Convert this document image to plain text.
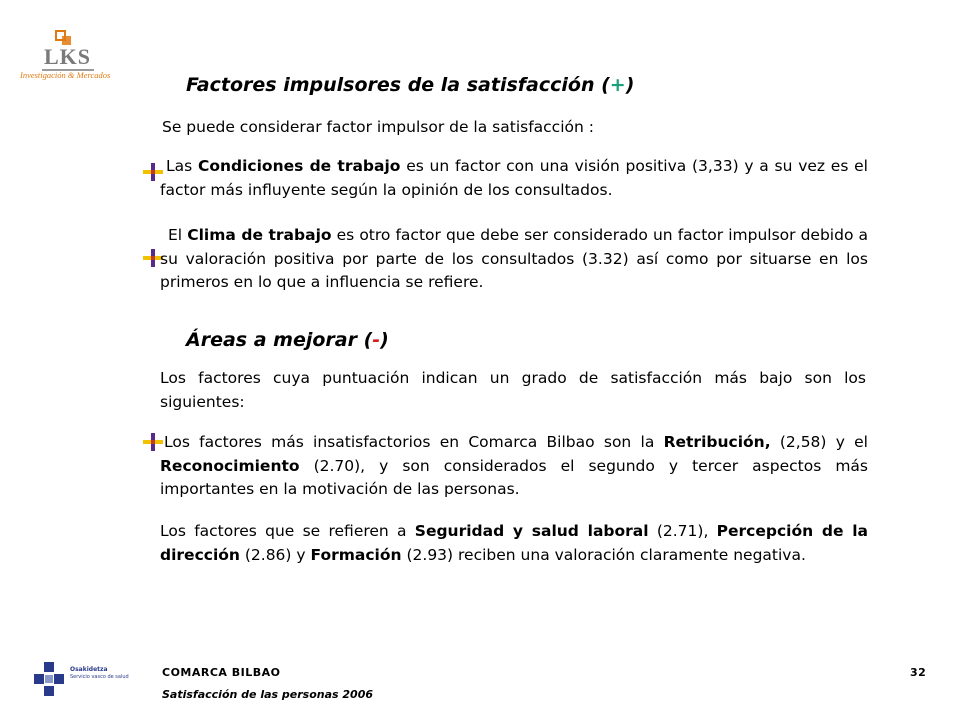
LKS
Investigación & Mercados	Factores impulsores de la satisfacción (+)
Se puede considerar factor impulsor de la satisfacción :
Las Condiciones de trabajo es un factor con una visión positiva (3,33) y a su vez es el factor más influyente según la opinión de los consultados.
El Clima de trabajo es otro factor que debe ser considerado un factor impulsor debido a su valoración positiva por parte de los consultados (3.32) así como por situarse en los primeros en lo que a influencia se refiere.
Áreas a mejorar (-)
Los factores cuya puntuación indican un grado de satisfacción más bajo son los siguientes:
Los factores más insatisfactorios en Comarca Bilbao son la Retribución, (2,58) y el Reconocimiento (2.70), y son considerados el segundo y tercer aspectos más importantes en la motivación de las personas.
Los factores que se refieren a Seguridad y salud laboral (2.71), Percepción de la dirección (2.86) y Formación (2.93) reciben una valoración claramente negativa.
Osakidetza
Servicio vasco de salud	COMARCA BILBAO
Satisfacción de las personas 2006
32
